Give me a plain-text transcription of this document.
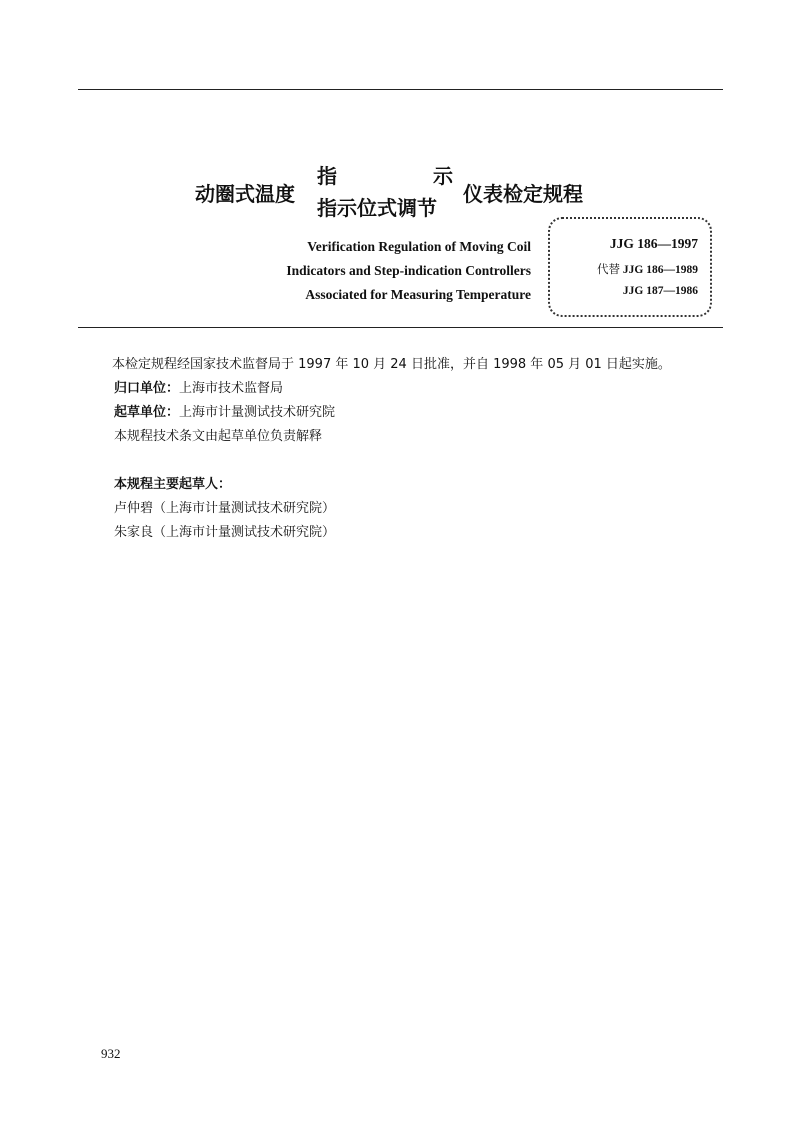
动圈式温度
指	示
指示位式调节
仪表检定规程
Verification Regulation of Moving Coil
Indicators and Step-indication Controllers
Associated for Measuring Temperature
JJG 186—1997
代替 JJG 186—1989
JJG 187—1986
本检定规程经国家技术监督局于 1997 年 10 月 24 日批准，并自 1998 年 05 月 01 日起实施。
归口单位：上海市技术监督局
起草单位：上海市计量测试技术研究院
本规程技术条文由起草单位负责解释
本规程主要起草人：
卢仲碧（上海市计量测试技术研究院）
朱家良（上海市计量测试技术研究院）
932
